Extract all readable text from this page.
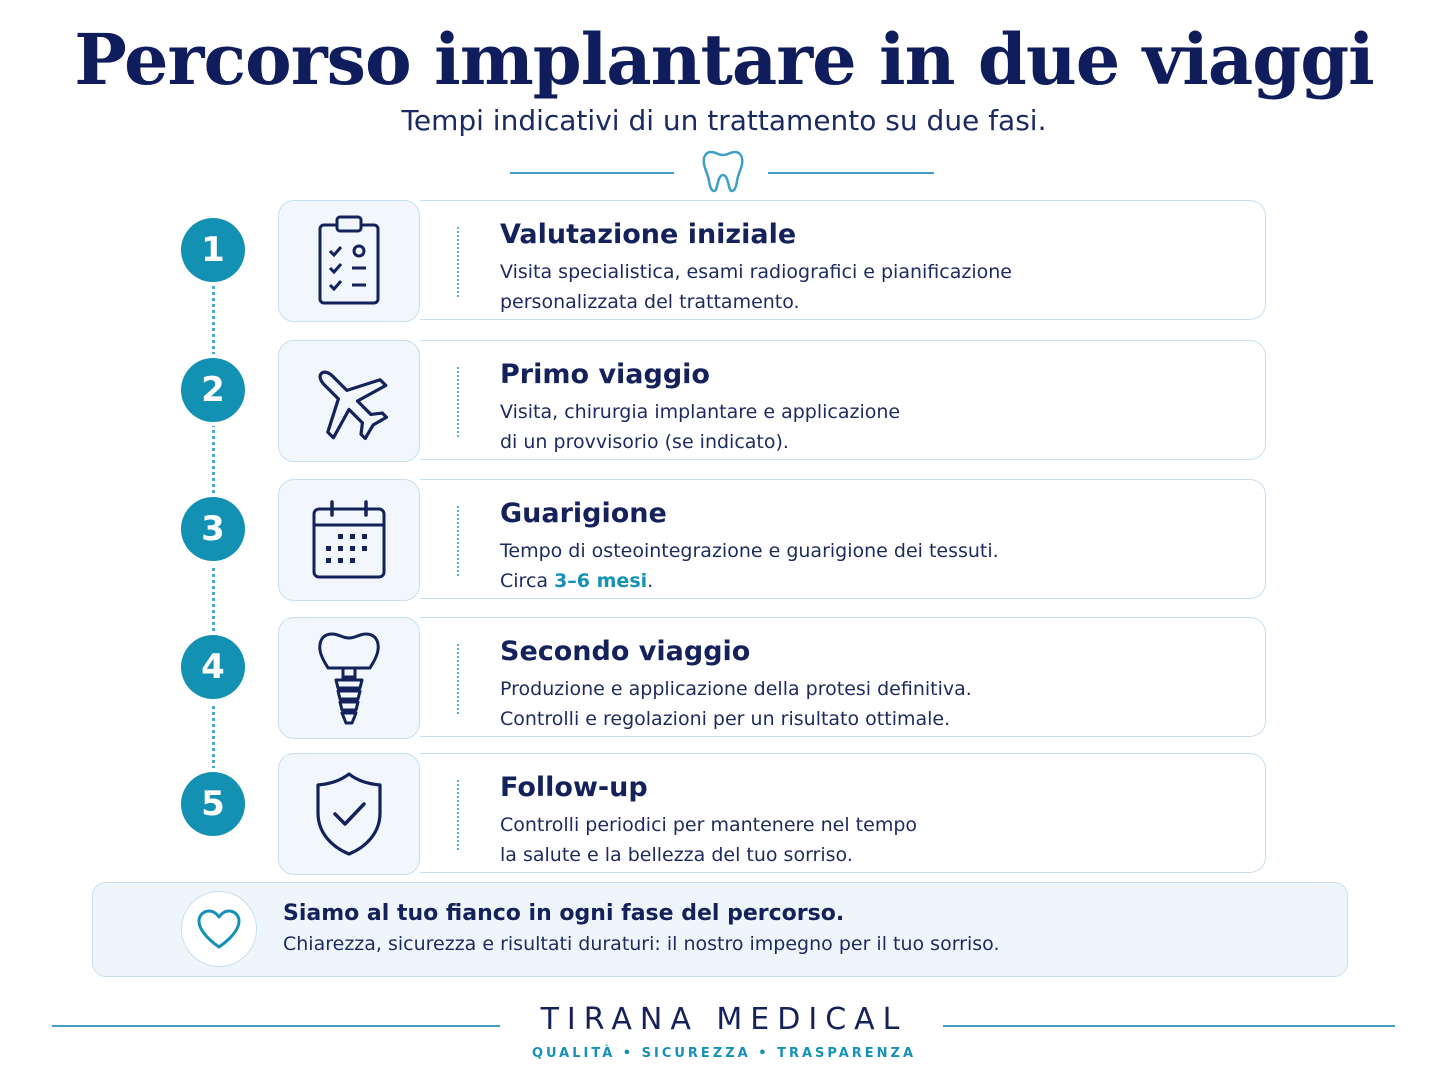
Percorso implantare in due viaggi
Tempi indicativi di un trattamento su due fasi.
1	Valutazione iniziale
Visita specialistica, esami radiografici e pianificazione
personalizzata del trattamento.
2	Primo viaggio
Visita, chirurgia implantare e applicazione
di un provvisorio (se indicato).
3	Guarigione
Tempo di osteointegrazione e guarigione dei tessuti.
Circa 3–6 mesi.
4	Secondo viaggio
Produzione e applicazione della protesi definitiva.
Controlli e regolazioni per un risultato ottimale.
5	Follow-up
Controlli periodici per mantenere nel tempo
la salute e la bellezza del tuo sorriso.
Siamo al tuo fianco in ogni fase del percorso.
Chiarezza, sicurezza e risultati duraturi: il nostro impegno per il tuo sorriso.
TIRANA MEDICAL
QUALITÀ • SICUREZZA • TRASPARENZA
